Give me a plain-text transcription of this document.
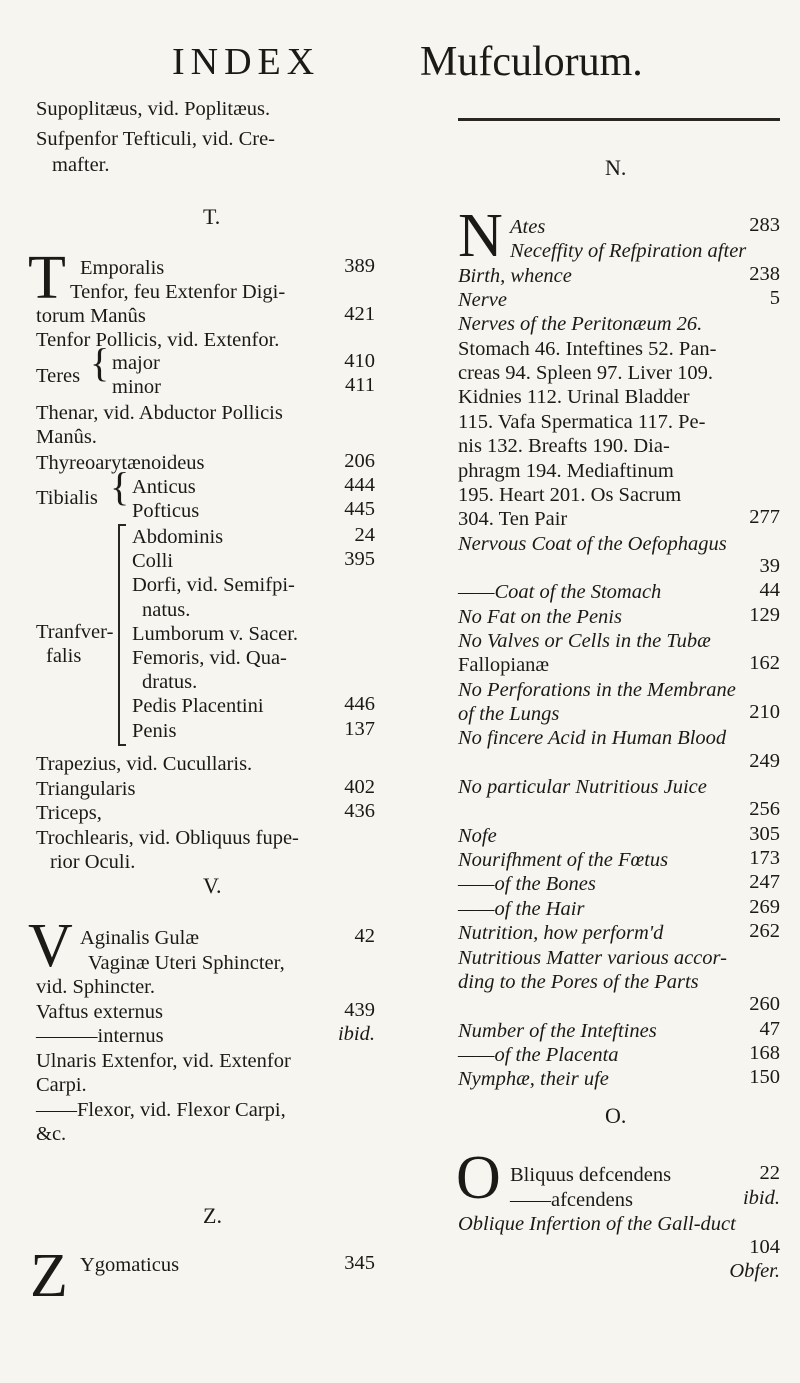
INDEX Mufculorum.
Supoplitæus, vid. Poplitæus.
Sufpenfor Tefticuli, vid. Cre-
mafter.
T.
T Emporalis	389
Tenfor, feu Extenfor Digi-
torum Manûs	421
Tenfor Pollicis, vid. Extenfor.
Teres { major	410
minor	411
Thenar, vid. Abductor Pollicis
Manûs.
Thyreoarytænoideus	206
Tibialis { Anticus	444
Pofticus	445
Tranfver-
falis
Abdominis	24
Colli	395
Dorfi, vid. Semifpi-
natus.
Lumborum v. Sacer.
Femoris, vid. Qua-
dratus.
Pedis Placentini	446
Penis	137
Trapezius, vid. Cucullaris.
Triangularis	402
Triceps,	436
Trochlearis, vid. Obliquus fupe-
rior Oculi.
V.
V Aginalis Gulæ	42
Vaginæ Uteri Sphincter,
vid. Sphincter.
Vaftus externus	439
———internus	ibid.
Ulnaris Extenfor, vid. Extenfor
Carpi.
——Flexor, vid. Flexor Carpi,
&c.
Z.
Z Ygomaticus	345
N.
N Ates	283
Neceffity of Refpiration after
Birth, whence	238
Nerve	5
Nerves of the Peritonæum 26.
Stomach 46. Inteftines 52. Pan-
creas 94. Spleen 97. Liver 109.
Kidnies 112. Urinal Bladder
115. Vafa Spermatica 117. Pe-
nis 132. Breafts 190. Dia-
phragm 194. Mediaftinum
195. Heart 201. Os Sacrum
304. Ten Pair	277
Nervous Coat of the Oefophagus
39
——Coat of the Stomach	44
No Fat on the Penis	129
No Valves or Cells in the Tubæ
Fallopianæ	162
No Perforations in the Membrane
of the Lungs	210
No fincere Acid in Human Blood
249
No particular Nutritious Juice
256
Nofe	305
Nourifhment of the Fœtus	173
——of the Bones	247
——of the Hair	269
Nutrition, how perform'd	262
Nutritious Matter various accor-
ding to the Pores of the Parts
260
Number of the Inteftines	47
——of the Placenta	168
Nymphæ, their ufe	150
O.
O Bliquus defcendens	22
——afcendens	ibid.
Oblique Infertion of the Gall-duct
104
Obfer.
